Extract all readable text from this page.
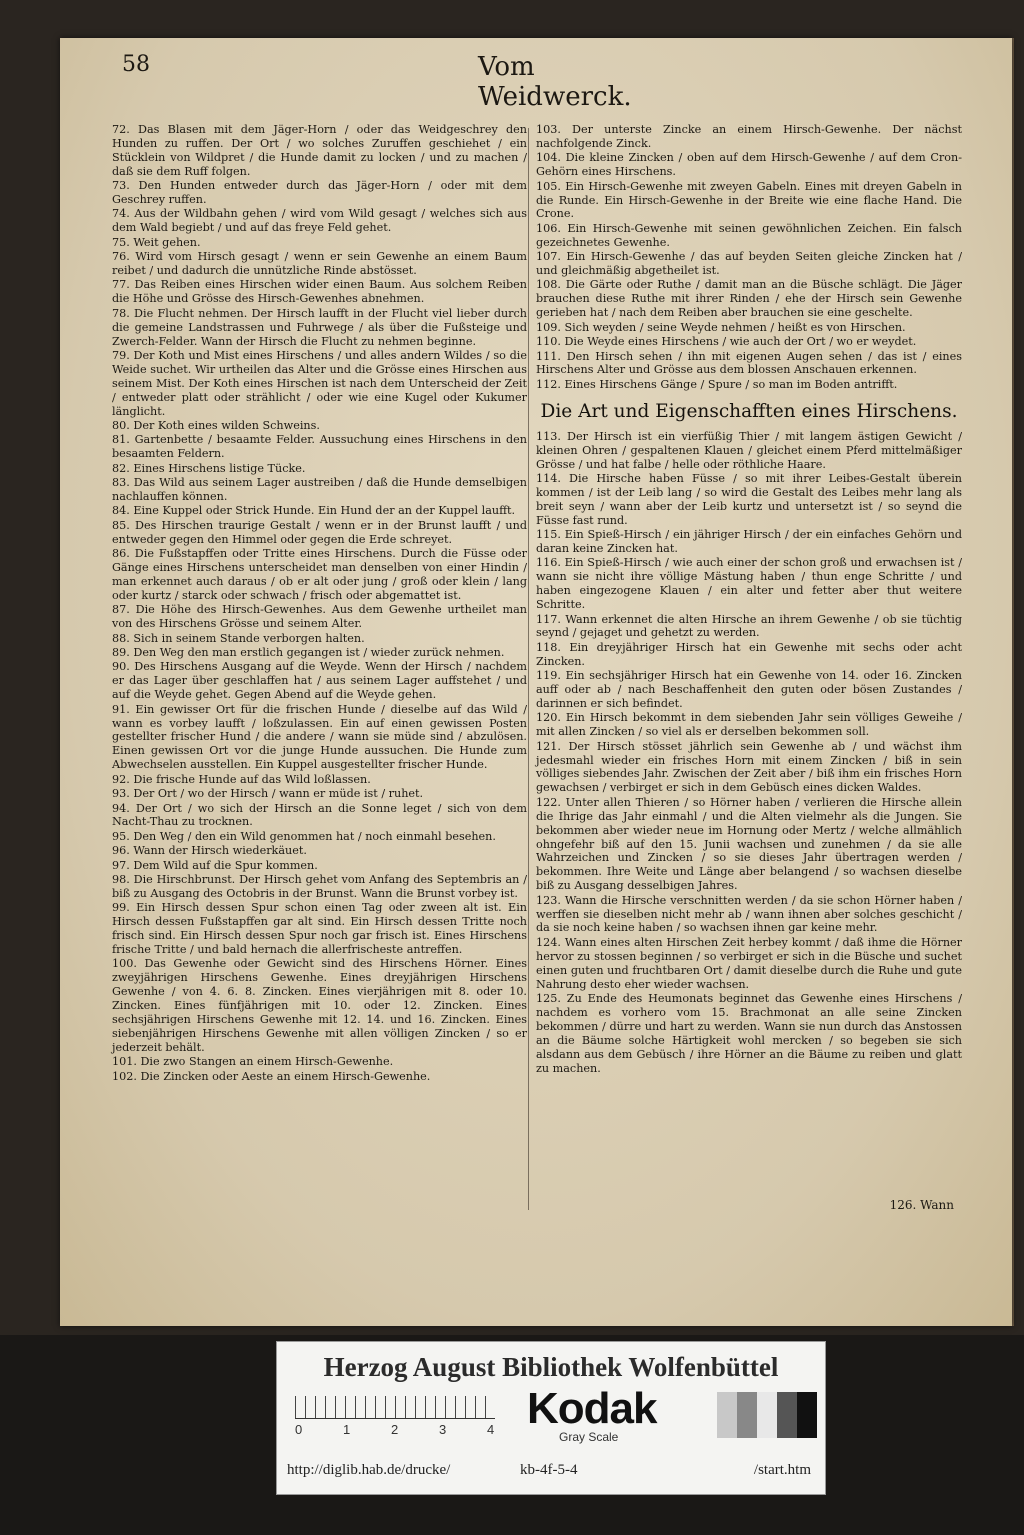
58	Vom Weidwerck.

72. Das Blasen mit dem Jäger-Horn / oder das Weidgeschrey den Hunden zu ruffen. Der Ort / wo solches Zuruffen geschiehet / ein Stücklein von Wildpret / die Hunde damit zu locken / und zu machen / daß sie dem Ruff folgen.

73. Den Hunden entweder durch das Jäger-Horn / oder mit dem Geschrey ruffen.

74. Aus der Wildbahn gehen / wird vom Wild gesagt / welches sich aus dem Wald begiebt / und auf das freye Feld gehet.

75. Weit gehen.

76. Wird vom Hirsch gesagt / wenn er sein Gewenhe an einem Baum reibet / und dadurch die unnützliche Rinde abstösset.

77. Das Reiben eines Hirschen wider einen Baum. Aus solchem Reiben die Höhe und Grösse des Hirsch-Gewenhes abnehmen.

78. Die Flucht nehmen. Der Hirsch laufft in der Flucht viel lieber durch die gemeine Landstrassen und Fuhrwege / als über die Fußsteige und Zwerch-Felder. Wann der Hirsch die Flucht zu nehmen beginne.

79. Der Koth und Mist eines Hirschens / und alles andern Wildes / so die Weide suchet. Wir urtheilen das Alter und die Grösse eines Hirschen aus seinem Mist. Der Koth eines Hirschen ist nach dem Unterscheid der Zeit / entweder platt oder strählicht / oder wie eine Kugel oder Kukumer länglicht.

80. Der Koth eines wilden Schweins.

81. Gartenbette / besaamte Felder. Aussuchung eines Hirschens in den besaamten Feldern.

82. Eines Hirschens listige Tücke.

83. Das Wild aus seinem Lager austreiben / daß die Hunde demselbigen nachlauffen können.

84. Eine Kuppel oder Strick Hunde. Ein Hund der an der Kuppel laufft.

85. Des Hirschen traurige Gestalt / wenn er in der Brunst laufft / und entweder gegen den Himmel oder gegen die Erde schreyet.

86. Die Fußstapffen oder Tritte eines Hirschens. Durch die Füsse oder Gänge eines Hirschens unterscheidet man denselben von einer Hindin / man erkennet auch daraus / ob er alt oder jung / groß oder klein / lang oder kurtz / starck oder schwach / frisch oder abgemattet ist.

87. Die Höhe des Hirsch-Gewenhes. Aus dem Gewenhe urtheilet man von des Hirschens Grösse und seinem Alter.

88. Sich in seinem Stande verborgen halten.

89. Den Weg den man erstlich gegangen ist / wieder zurück nehmen.

90. Des Hirschens Ausgang auf die Weyde. Wenn der Hirsch / nachdem er das Lager über geschlaffen hat / aus seinem Lager auffstehet / und auf die Weyde gehet. Gegen Abend auf die Weyde gehen.

91. Ein gewisser Ort für die frischen Hunde / dieselbe auf das Wild / wann es vorbey laufft / loßzulassen. Ein auf einen gewissen Posten gestellter frischer Hund / die andere / wann sie müde sind / abzulösen. Einen gewissen Ort vor die junge Hunde aussuchen. Die Hunde zum Abwechselen ausstellen. Ein Kuppel ausgestellter frischer Hunde.

92. Die frische Hunde auf das Wild loßlassen.

93. Der Ort / wo der Hirsch / wann er müde ist / ruhet.

94. Der Ort / wo sich der Hirsch an die Sonne leget / sich von dem Nacht-Thau zu trocknen.

95. Den Weg / den ein Wild genommen hat / noch einmahl besehen.

96. Wann der Hirsch wiederkäuet.

97. Dem Wild auf die Spur kommen.

98. Die Hirschbrunst. Der Hirsch gehet vom Anfang des Septembris an / biß zu Ausgang des Octobris in der Brunst. Wann die Brunst vorbey ist.

99. Ein Hirsch dessen Spur schon einen Tag oder zween alt ist. Ein Hirsch dessen Fußstapffen gar alt sind. Ein Hirsch dessen Tritte noch frisch sind. Ein Hirsch dessen Spur noch gar frisch ist. Eines Hirschens frische Tritte / und bald hernach die allerfrischeste antreffen.

100. Das Gewenhe oder Gewicht sind des Hirschens Hörner. Eines zweyjährigen Hirschens Gewenhe. Eines dreyjährigen Hirschens Gewenhe / von 4. 6. 8. Zincken. Eines vierjährigen mit 8. oder 10. Zincken. Eines fünfjährigen mit 10. oder 12. Zincken. Eines sechsjährigen Hirschens Gewenhe mit 12. 14. und 16. Zincken. Eines siebenjährigen Hirschens Gewenhe mit allen völligen Zincken / so er jederzeit behält.

101. Die zwo Stangen an einem Hirsch-Gewenhe.

102. Die Zincken oder Aeste an einem Hirsch-Gewenhe.

103. Der unterste Zincke an einem Hirsch-Gewenhe. Der nächst nachfolgende Zinck.

104. Die kleine Zincken / oben auf dem Hirsch-Gewenhe / auf dem Cron-Gehörn eines Hirschens.

105. Ein Hirsch-Gewenhe mit zweyen Gabeln. Eines mit dreyen Gabeln in die Runde. Ein Hirsch-Gewenhe in der Breite wie eine flache Hand. Die Crone.

106. Ein Hirsch-Gewenhe mit seinen gewöhnlichen Zeichen. Ein falsch gezeichnetes Gewenhe.

107. Ein Hirsch-Gewenhe / das auf beyden Seiten gleiche Zincken hat / und gleichmäßig abgetheilet ist.

108. Die Gärte oder Ruthe / damit man an die Büsche schlägt. Die Jäger brauchen diese Ruthe mit ihrer Rinden / ehe der Hirsch sein Gewenhe gerieben hat / nach dem Reiben aber brauchen sie eine geschelte.

109. Sich weyden / seine Weyde nehmen / heißt es von Hirschen.

110. Die Weyde eines Hirschens / wie auch der Ort / wo er weydet.

111. Den Hirsch sehen / ihn mit eigenen Augen sehen / das ist / eines Hirschens Alter und Grösse aus dem blossen Anschauen erkennen.

112. Eines Hirschens Gänge / Spure / so man im Boden antrifft.

Die Art und Eigenschafften eines Hirschens.

113. Der Hirsch ist ein vierfüßig Thier / mit langem ästigen Gewicht / kleinen Ohren / gespaltenen Klauen / gleichet einem Pferd mittelmäßiger Grösse / und hat falbe / helle oder röthliche Haare.

114. Die Hirsche haben Füsse / so mit ihrer Leibes-Gestalt überein kommen / ist der Leib lang / so wird die Gestalt des Leibes mehr lang als breit seyn / wann aber der Leib kurtz und untersetzt ist / so seynd die Füsse fast rund.

115. Ein Spieß-Hirsch / ein jähriger Hirsch / der ein einfaches Gehörn und daran keine Zincken hat.

116. Ein Spieß-Hirsch / wie auch einer der schon groß und erwachsen ist / wann sie nicht ihre völlige Mästung haben / thun enge Schritte / und haben eingezogene Klauen / ein alter und fetter aber thut weitere Schritte.

117. Wann erkennet die alten Hirsche an ihrem Gewenhe / ob sie tüchtig seynd / gejaget und gehetzt zu werden.

118. Ein dreyjähriger Hirsch hat ein Gewenhe mit sechs oder acht Zincken.

119. Ein sechsjähriger Hirsch hat ein Gewenhe von 14. oder 16. Zincken auff oder ab / nach Beschaffenheit den guten oder bösen Zustandes / darinnen er sich befindet.

120. Ein Hirsch bekommt in dem siebenden Jahr sein völliges Geweihe / mit allen Zincken / so viel als er derselben bekommen soll.

121. Der Hirsch stösset jährlich sein Gewenhe ab / und wächst ihm jedesmahl wieder ein frisches Horn mit einem Zincken / biß in sein völliges siebendes Jahr. Zwischen der Zeit aber / biß ihm ein frisches Horn gewachsen / verbirget er sich in dem Gebüsch eines dicken Waldes.

122. Unter allen Thieren / so Hörner haben / verlieren die Hirsche allein die Ihrige das Jahr einmahl / und die Alten vielmehr als die Jungen. Sie bekommen aber wieder neue im Hornung oder Mertz / welche allmählich ohngefehr biß auf den 15. Junii wachsen und zunehmen / da sie alle Wahrzeichen und Zincken / so sie dieses Jahr übertragen werden / bekommen. Ihre Weite und Länge aber belangend / so wachsen dieselbe biß zu Ausgang desselbigen Jahres.

123. Wann die Hirsche verschnitten werden / da sie schon Hörner haben / werffen sie dieselben nicht mehr ab / wann ihnen aber solches geschicht / da sie noch keine haben / so wachsen ihnen gar keine mehr.

124. Wann eines alten Hirschen Zeit herbey kommt / daß ihme die Hörner hervor zu stossen beginnen / so verbirget er sich in die Büsche und suchet einen guten und fruchtbaren Ort / damit dieselbe durch die Ruhe und gute Nahrung desto eher wieder wachsen.

125. Zu Ende des Heumonats beginnet das Gewenhe eines Hirschens / nachdem es vorhero vom 15. Brachmonat an alle seine Zincken bekommen / dürre und hart zu werden. Wann sie nun durch das Anstossen an die Bäume solche Härtigkeit wohl mercken / so begeben sie sich alsdann aus dem Gebüsch / ihre Hörner an die Bäume zu reiben und glatt zu machen.

126. Wann
Herzog August Bibliothek Wolfenbüttel
0	1	2	3	4 Kodak
Gray Scale
http://diglib.hab.de/drucke/	kb-4f-5-4	/start.htm
